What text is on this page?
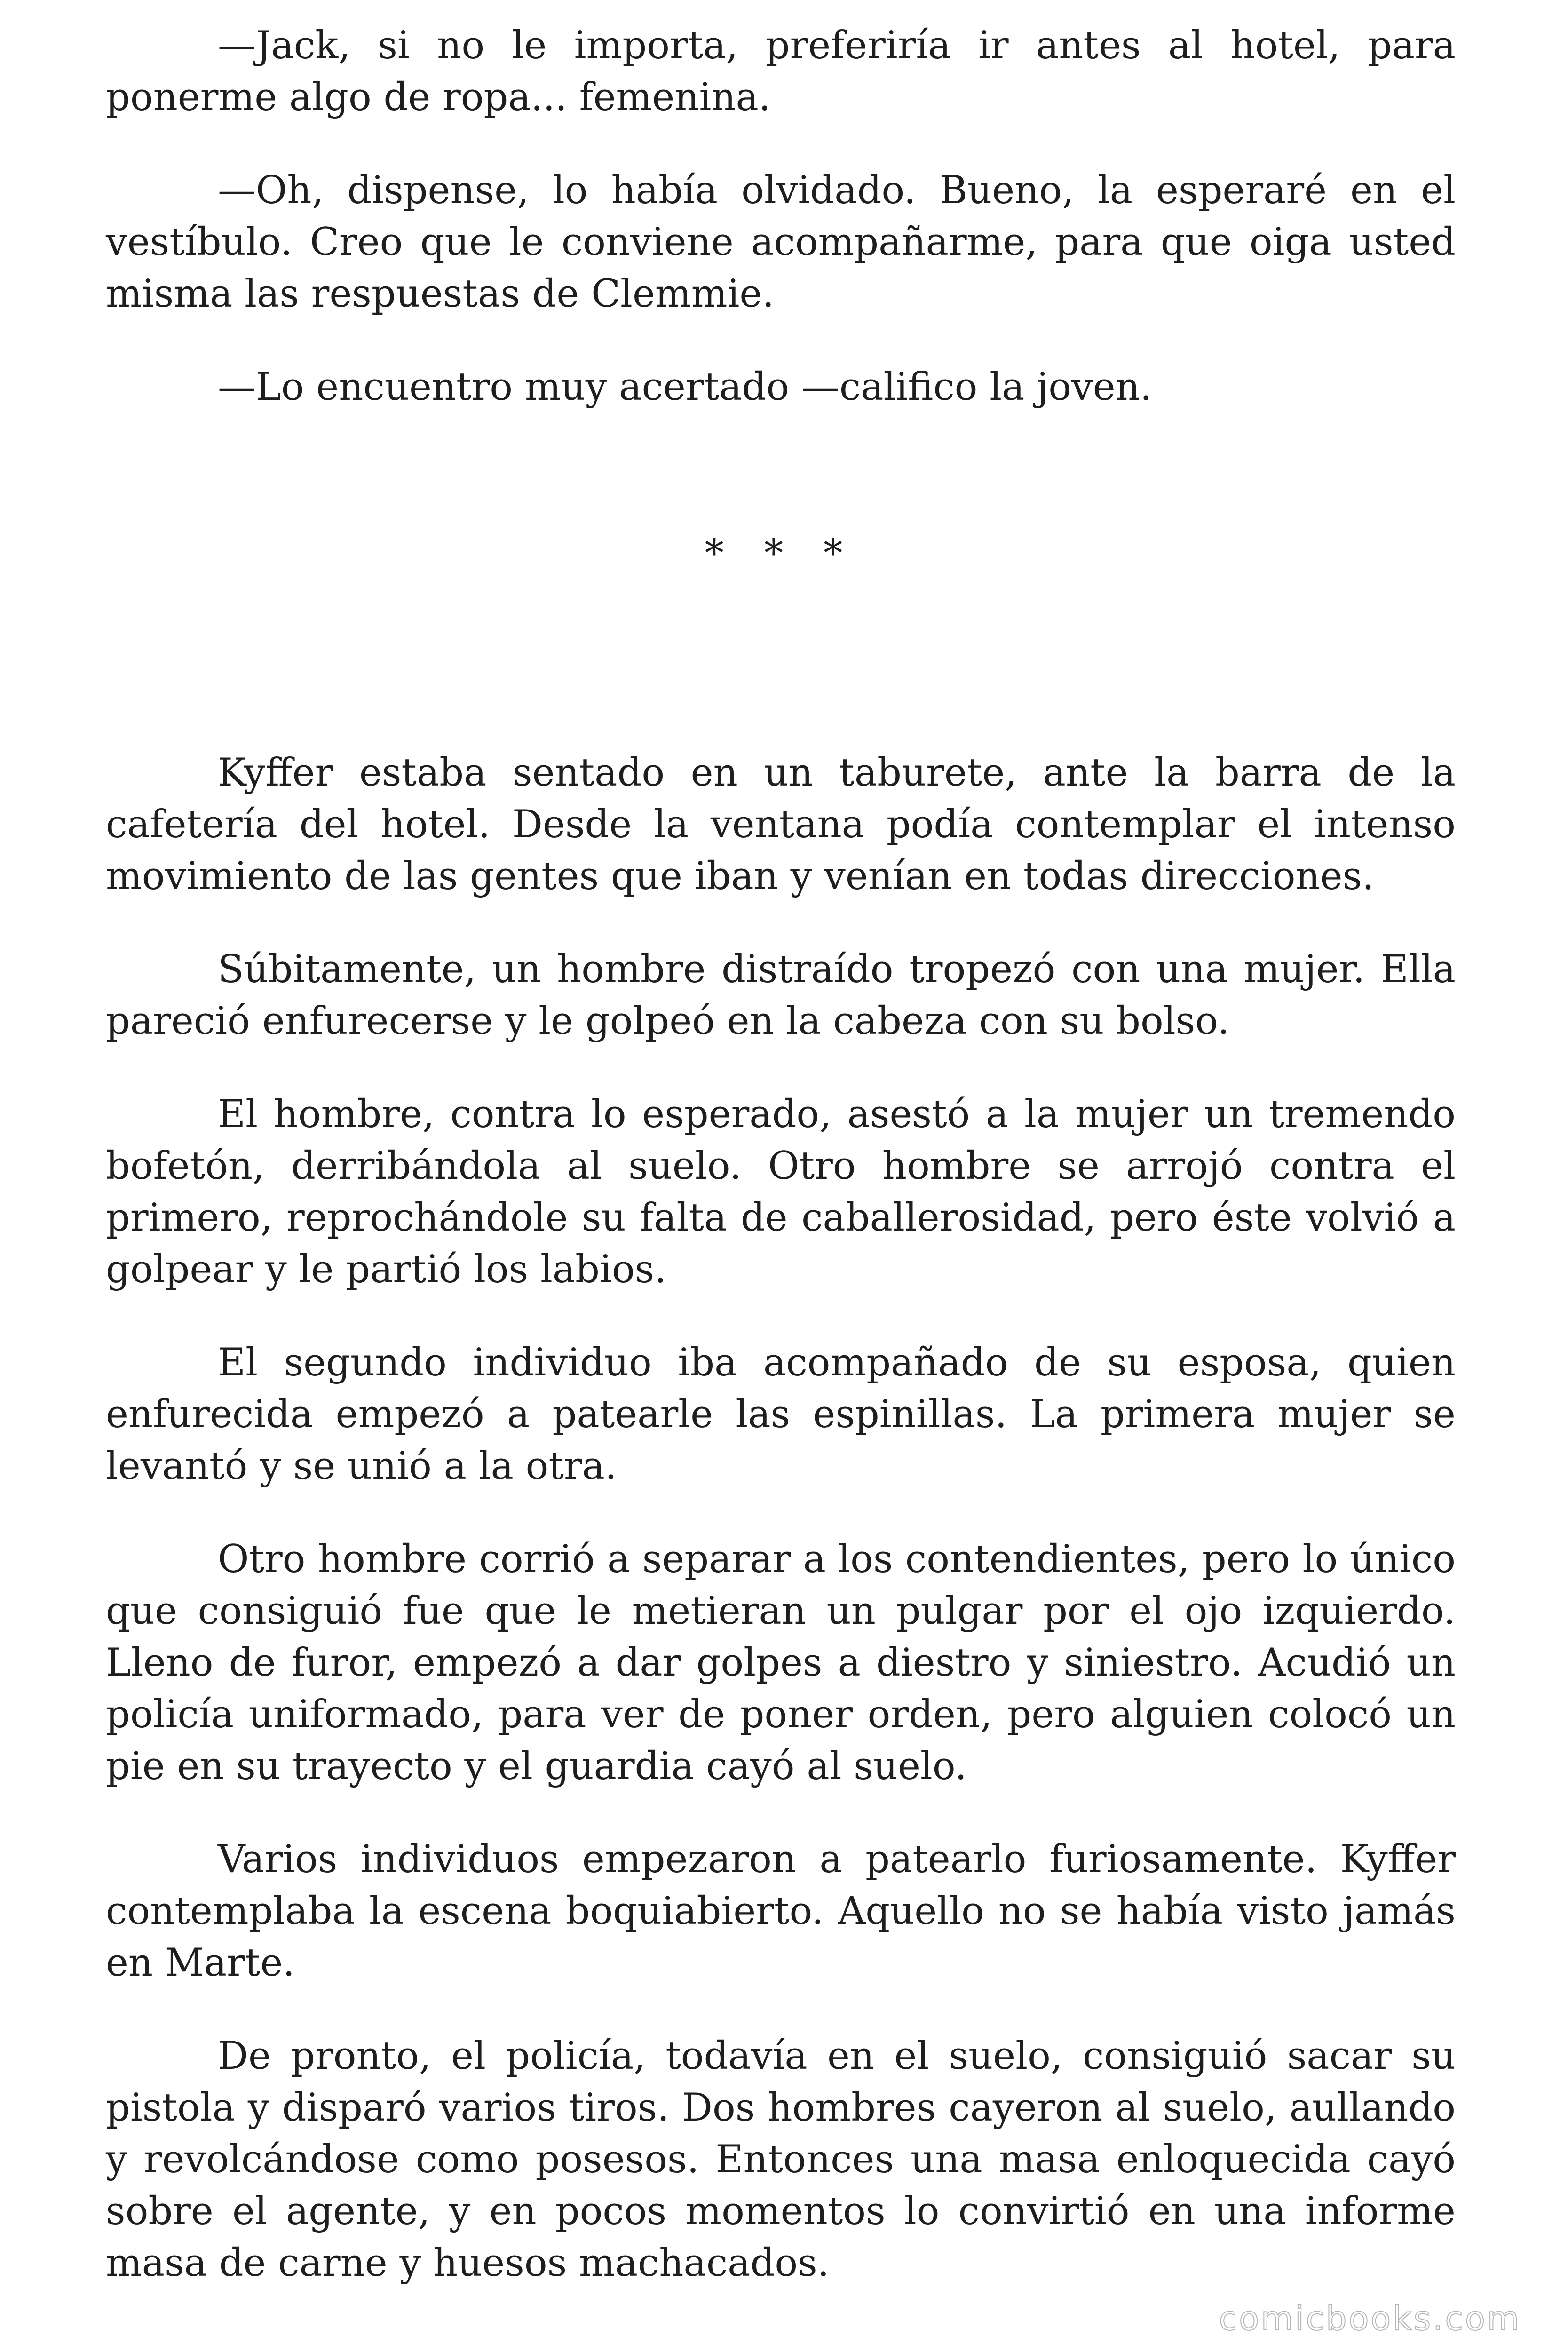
—Jack, si no le importa, preferiría ir antes al hotel, para ponerme algo de ropa... femenina.

—Oh, dispense, lo había olvidado. Bueno, la esperaré en el vestíbulo. Creo que le conviene acompañarme, para que oiga usted misma las respuestas de Clemmie.

—Lo encuentro muy acertado —califico la joven.

* * *

Kyffer estaba sentado en un taburete, ante la barra de la cafetería del hotel. Desde la ventana podía contemplar el intenso movimiento de las gentes que iban y venían en todas direcciones.

Súbitamente, un hombre distraído tropezó con una mujer. Ella pareció enfurecerse y le golpeó en la cabeza con su bolso.

El hombre, contra lo esperado, asestó a la mujer un tremendo bofetón, derribándola al suelo. Otro hombre se arrojó contra el primero, reprochándole su falta de caballerosidad, pero éste volvió a golpear y le partió los labios.

El segundo individuo iba acompañado de su esposa, quien enfurecida empezó a patearle las espinillas. La primera mujer se levantó y se unió a la otra.

Otro hombre corrió a separar a los contendientes, pero lo único que consiguió fue que le metieran un pulgar por el ojo izquierdo. Lleno de furor, empezó a dar golpes a diestro y siniestro. Acudió un policía uniformado, para ver de poner orden, pero alguien colocó un pie en su trayecto y el guardia cayó al suelo.

Varios individuos empezaron a patearlo furiosamente. Kyffer contemplaba la escena boquiabierto. Aquello no se había visto jamás en Marte.

De pronto, el policía, todavía en el suelo, consiguió sacar su pistola y disparó varios tiros. Dos hombres cayeron al suelo, aullando y revolcándose como posesos. Entonces una masa enloquecida cayó sobre el agente, y en pocos momentos lo convirtió en una informe masa de carne y huesos machacados.

comicbooks.com
